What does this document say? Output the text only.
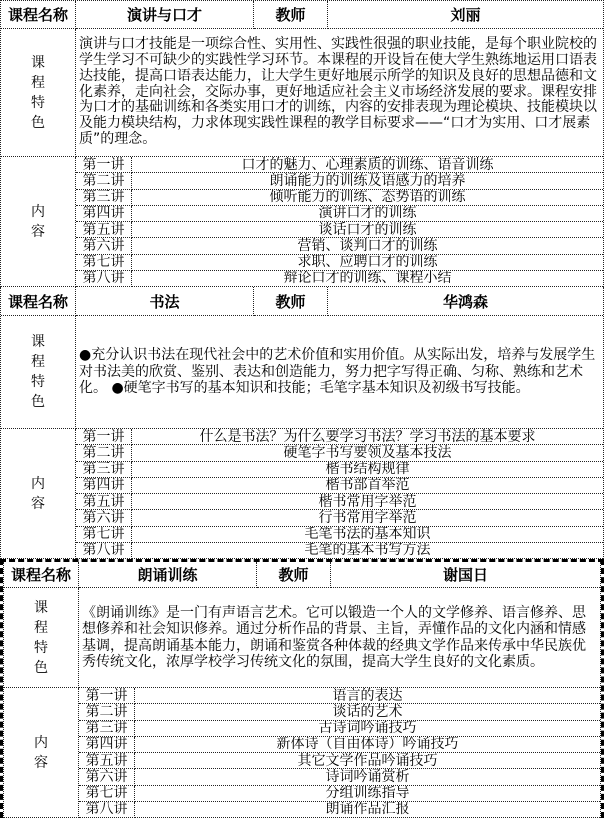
课程名称	演讲与口才	教师	刘丽
课程特色
演讲与口才技能是一项综合性、实用性、实践性很强的职业技能，是每个职业院校的学生学习不可缺少的实践性学习环节。本课程的开设旨在使大学生熟练地运用口语表达技能，提高口语表达能力，让大学生更好地展示所学的知识及良好的思想品德和文化素养，走向社会，交际办事，更好地适应社会主义市场经济发展的要求。课程安排为口才的基础训练和各类实用口才的训练，内容的安排表现为理论模块、技能模块以及能力模块结构，力求体现实践性课程的教学目标要求——“口才为实用、口才展素质”的理念。
内容
第一讲	口才的魅力、心理素质的训练、语音训练
第二讲	朗诵能力的训练及语感力的培养
第三讲	倾听能力的训练、态势语的训练
第四讲	演讲口才的训练
第五讲	谈话口才的训练
第六讲	营销、谈判口才的训练
第七讲	求职、应聘口才的训练
第八讲	辩论口才的训练、课程小结
课程名称	书法	教师	华鸿森
课程特色
●充分认识书法在现代社会中的艺术价值和实用价值。从实际出发，培养与发展学生对书法美的欣赏、鉴别、表达和创造能力，努力把字写得正确、匀称、熟练和艺术化。 ●硬笔字书写的基本知识和技能；毛笔字基本知识及初级书写技能。
内容
第一讲	什么是书法？为什么要学习书法？学习书法的基本要求
第二讲	硬笔字书写要领及基本技法
第三讲	楷书结构规律
第四讲	楷书部首举范
第五讲	楷书常用字举范
第六讲	行书常用字举范
第七讲	毛笔书法的基本知识
第八讲	毛笔的基本书写方法
课程名称	朗诵训练	教师	谢国日
课程特色
《朗诵训练》是一门有声语言艺术。它可以锻造一个人的文学修养、语言修养、思想修养和社会知识修养。通过分析作品的背景、主旨，弄懂作品的文化内涵和情感基调，提高朗诵基本能力，朗诵和鉴赏各种体裁的经典文学作品来传承中华民族优秀传统文化，浓厚学校学习传统文化的氛围，提高大学生良好的文化素质。
内容
第一讲	语言的表达
第二讲	谈话的艺术
第三讲	古诗词吟诵技巧
第四讲	新体诗（自由体诗）吟诵技巧
第五讲	其它文学作品吟诵技巧
第六讲	诗词吟诵赏析
第七讲	分组训练指导
第八讲	朗诵作品汇报
